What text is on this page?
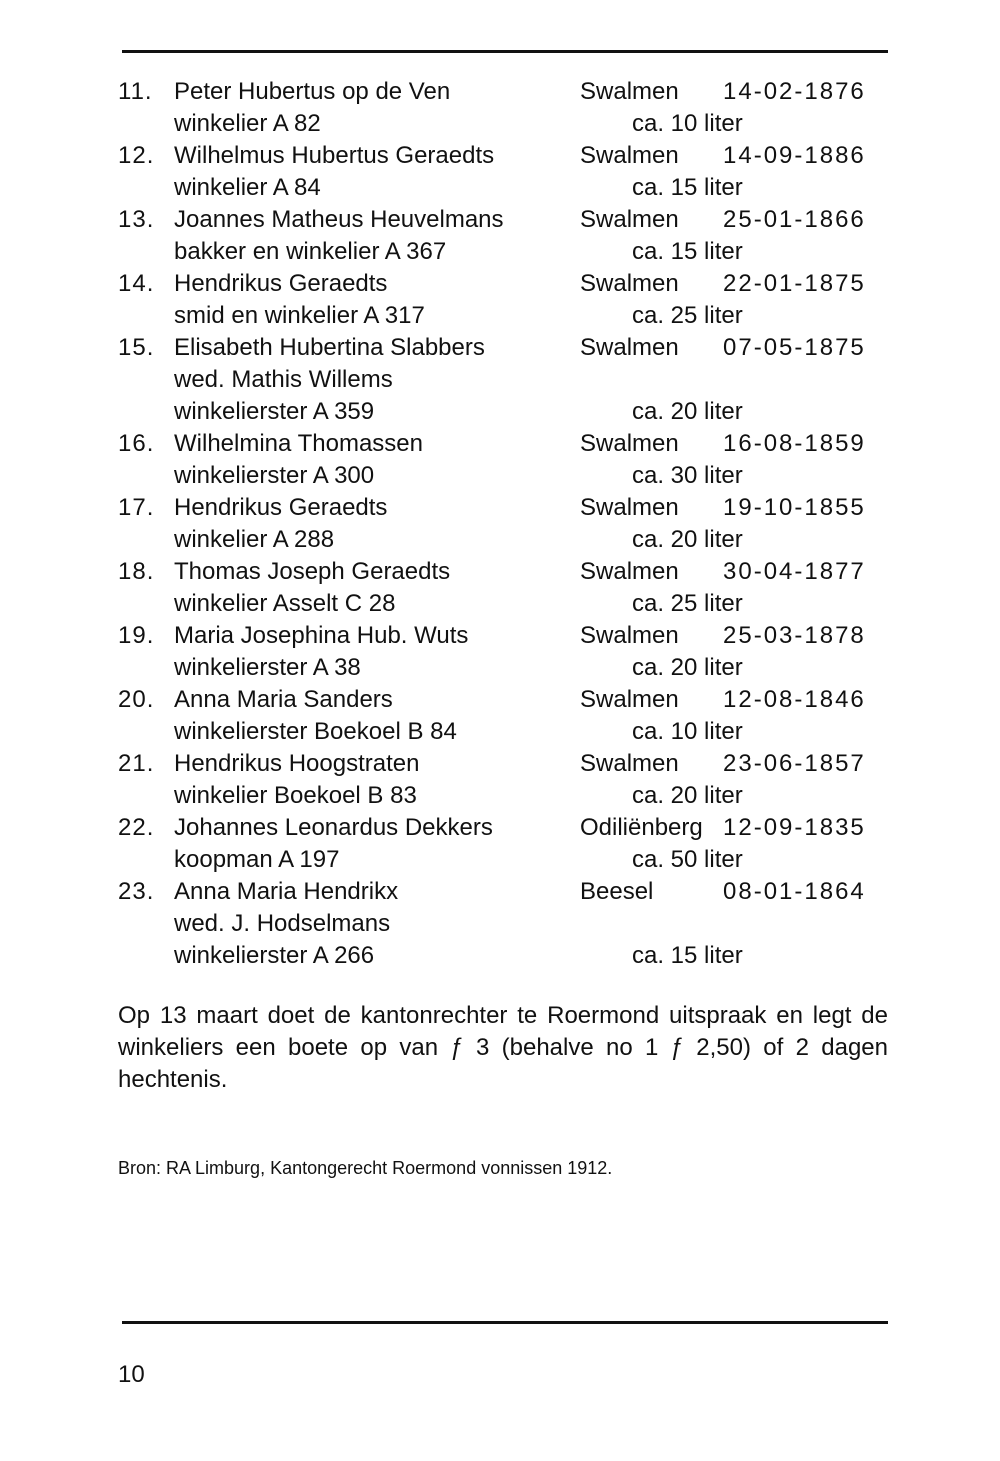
11. Peter Hubertus op de Ven	Swalmen 14-02-1876
winkelier A 82	ca. 10 liter
12. Wilhelmus Hubertus Geraedts	Swalmen 14-09-1886
winkelier A 84	ca. 15 liter
13. Joannes Matheus Heuvelmans	Swalmen 25-01-1866
bakker en winkelier A 367	ca. 15 liter
14. Hendrikus Geraedts	Swalmen 22-01-1875
smid en winkelier A 317	ca. 25 liter
15. Elisabeth Hubertina Slabbers	Swalmen 07-05-1875
wed. Mathis Willems
winkelierster A 359	ca. 20 liter
16. Wilhelmina Thomassen	Swalmen 16-08-1859
winkelierster A 300	ca. 30 liter
17. Hendrikus Geraedts	Swalmen 19-10-1855
winkelier A 288	ca. 20 liter
18. Thomas Joseph Geraedts	Swalmen 30-04-1877
winkelier Asselt C 28	ca. 25 liter
19. Maria Josephina Hub. Wuts	Swalmen 25-03-1878
winkelierster A 38	ca. 20 liter
20. Anna Maria Sanders	Swalmen 12-08-1846
winkelierster Boekoel B 84	ca. 10 liter
21. Hendrikus Hoogstraten	Swalmen 23-06-1857
winkelier Boekoel B 83	ca. 20 liter
22. Johannes Leonardus Dekkers	Odiliënberg 12-09-1835
koopman A 197	ca. 50 liter
23. Anna Maria Hendrikx	Beesel	08-01-1864
wed. J. Hodselmans
winkelierster A 266	ca. 15 liter
Op 13 maart doet de kantonrechter te Roermond uitspraak en legt de winkeliers een boete op van ƒ 3 (behalve no 1 ƒ 2,50) of 2 dagen hechtenis.
Bron: RA Limburg, Kantongerecht Roermond vonnissen 1912.
10
